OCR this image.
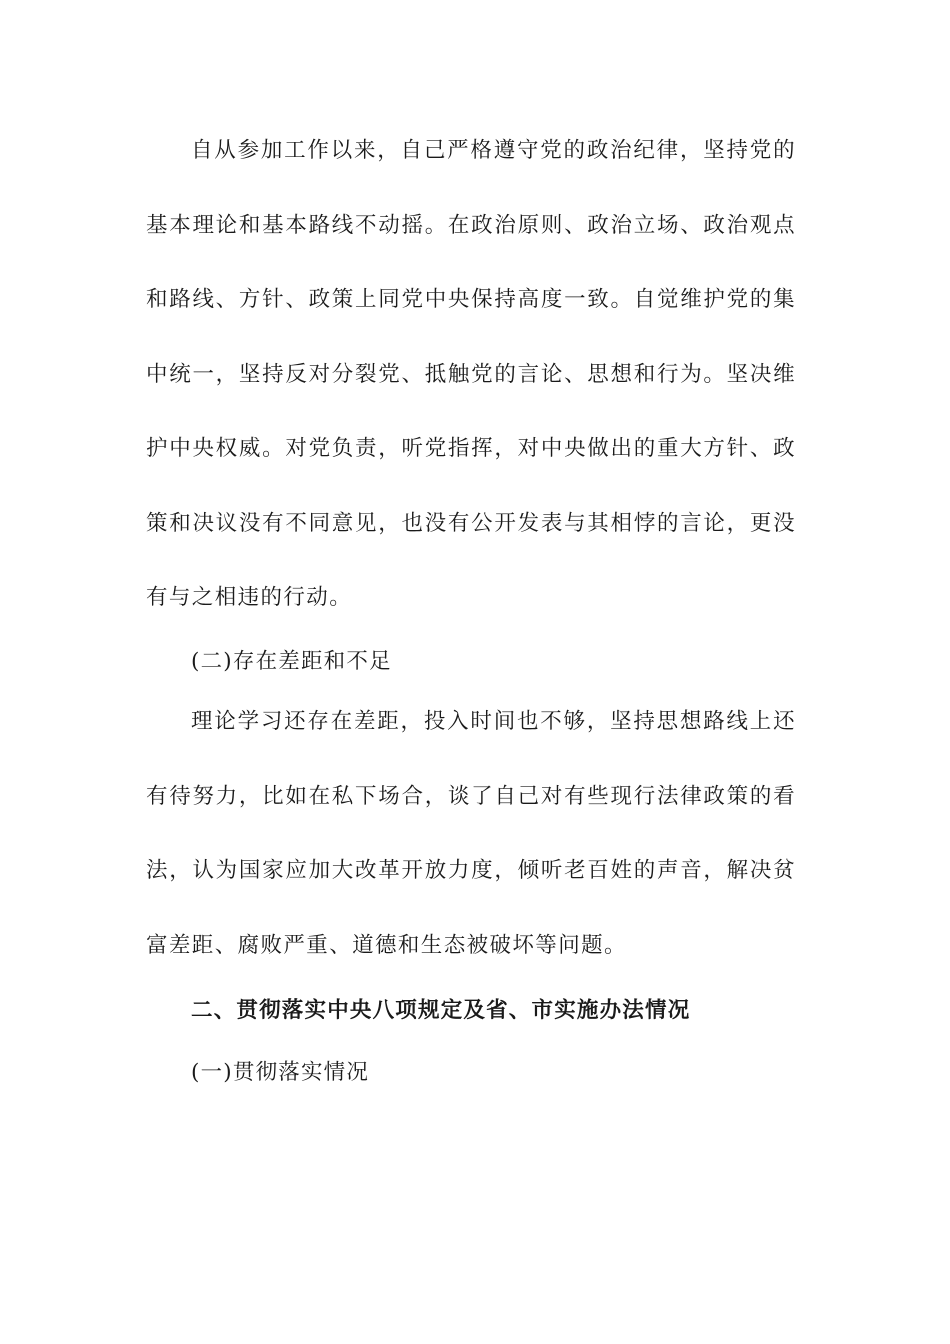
自从参加工作以来，自己严格遵守党的政治纪律，坚持党的基本理论和基本路线不动摇。在政治原则、政治立场、政治观点和路线、方针、政策上同党中央保持高度一致。自觉维护党的集中统一，坚持反对分裂党、抵触党的言论、思想和行为。坚决维护中央权威。对党负责，听党指挥，对中央做出的重大方针、政策和决议没有不同意见，也没有公开发表与其相悖的言论，更没有与之相违的行动。

(二)存在差距和不足

理论学习还存在差距，投入时间也不够，坚持思想路线上还有待努力，比如在私下场合，谈了自己对有些现行法律政策的看法，认为国家应加大改革开放力度，倾听老百姓的声音，解决贫富差距、腐败严重、道德和生态被破坏等问题。

二、贯彻落实中央八项规定及省、市实施办法情况

(一)贯彻落实情况
